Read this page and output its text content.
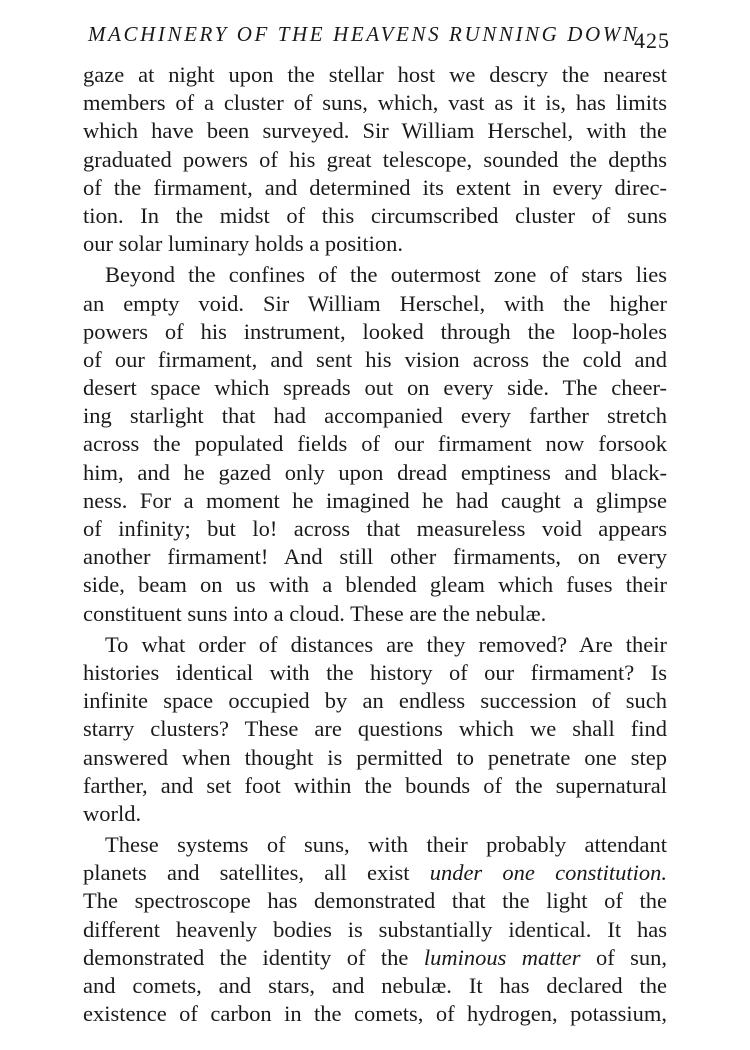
MACHINERY OF THE HEAVENS RUNNING DOWN.
425
gaze at night upon the stellar host we descry the nearest
members of a cluster of suns, which, vast as it is, has limits
which have been surveyed. Sir William Herschel, with the
graduated powers of his great telescope, sounded the depths
of the firmament, and determined its extent in every direc-
tion. In the midst of this circumscribed cluster of suns
our solar luminary holds a position.
Beyond the confines of the outermost zone of stars lies
an empty void. Sir William Herschel, with the higher
powers of his instrument, looked through the loop-holes
of our firmament, and sent his vision across the cold and
desert space which spreads out on every side. The cheer-
ing starlight that had accompanied every farther stretch
across the populated fields of our firmament now forsook
him, and he gazed only upon dread emptiness and black-
ness. For a moment he imagined he had caught a glimpse
of infinity; but lo! across that measureless void appears
another firmament! And still other firmaments, on every
side, beam on us with a blended gleam which fuses their
constituent suns into a cloud. These are the nebulæ.
To what order of distances are they removed? Are their
histories identical with the history of our firmament? Is
infinite space occupied by an endless succession of such
starry clusters? These are questions which we shall find
answered when thought is permitted to penetrate one step
farther, and set foot within the bounds of the supernatural
world.
These systems of suns, with their probably attendant
planets and satellites, all exist under one constitution.
The spectroscope has demonstrated that the light of the
different heavenly bodies is substantially identical. It has
demonstrated the identity of the luminous matter of sun,
and comets, and stars, and nebulæ. It has declared the
existence of carbon in the comets, of hydrogen, potassium,
